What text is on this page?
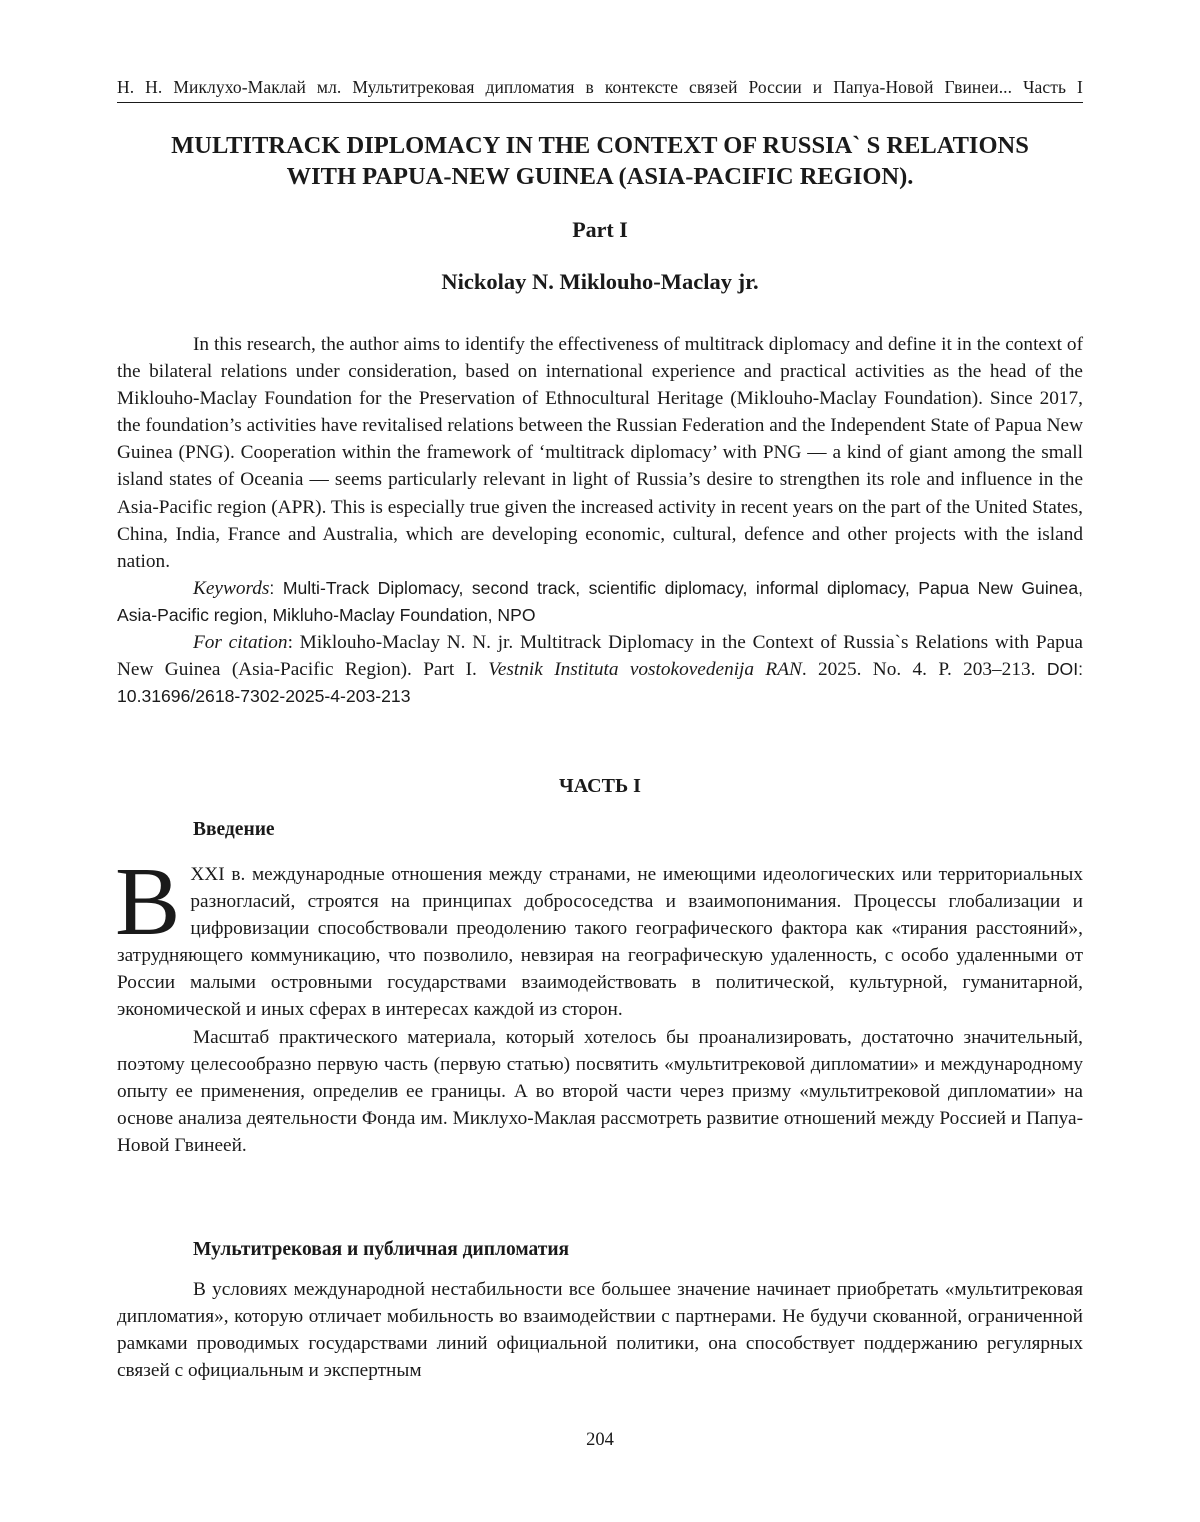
Н. Н. Миклухо-Маклай мл. Мультитрековая дипломатия в контексте связей России и Папуа-Новой Гвинеи... Часть I
MULTITRACK DIPLOMACY IN THE CONTEXT OF RUSSIA` S RELATIONS
WITH PAPUA-NEW GUINEA (ASIA-PACIFIC REGION).
Part I
Nickolay N. Miklouho-Maclay jr.

In this research, the author aims to identify the effectiveness of multitrack diplomacy and define it in the context of the bilateral relations under consideration, based on international experience and practical activities as the head of the Miklouho-Maclay Foundation for the Preservation of Ethnocultural Heritage (Miklouho-Maclay Foundation). Since 2017, the foundation’s activities have revitalised relations between the Russian Federation and the Independent State of Papua New Guinea (PNG). Cooperation within the framework of ‘multitrack diplomacy’ with PNG — a kind of giant among the small island states of Oceania — seems particularly relevant in light of Russia’s desire to strengthen its role and influence in the Asia-Pacific region (APR). This is especially true given the increased activity in recent years on the part of the United States, China, India, France and Australia, which are developing economic, cultural, defence and other projects with the island nation.

Keywords: Multi-Track Diplomacy, second track, scientific diplomacy, informal diplomacy, Papua New Guinea, Asia-Pacific region, Mikluho-Maclay Foundation, NPO

For citation: Miklouho-Maclay N. N. jr. Multitrack Diplomacy in the Context of Russia`s Relations with Papua New Guinea (Asia-Pacific Region). Part I. Vestnik Instituta vostokovedenija RAN. 2025. No. 4. P. 203–213. DOI: 10.31696/2618-7302-2025-4-203-213

ЧАСТЬ I
Введение

ВXXI в. международные отношения между странами, не имеющими идеологических или территориальных разногласий, строятся на принципах добрососедства и взаимопонимания. Процессы глобализации и цифровизации способствовали преодолению такого географического фактора как «тирания расстояний», затрудняющего коммуникацию, что позволило, невзирая на географическую удаленность, с особо удаленными от России малыми островными государствами взаимодействовать в политической, культурной, гуманитарной, экономической и иных сферах в интересах каждой из сторон.

Масштаб практического материала, который хотелось бы проанализировать, достаточно значительный, поэтому целесообразно первую часть (первую статью) посвятить «мультитрековой дипломатии» и международному опыту ее применения, определив ее границы. А во второй части через призму «мультитрековой дипломатии» на основе анализа деятельности Фонда им. Миклухо-Маклая рассмотреть развитие отношений между Россией и Папуа-Новой Гвинеей.

Мультитрековая и публичная дипломатия

В условиях международной нестабильности все большее значение начинает приобретать «мультитрековая дипломатия», которую отличает мобильность во взаимодействии с партнерами. Не будучи скованной, ограниченной рамками проводимых государствами линий официальной политики, она способствует поддержанию регулярных связей с официальным и экспертным

204
